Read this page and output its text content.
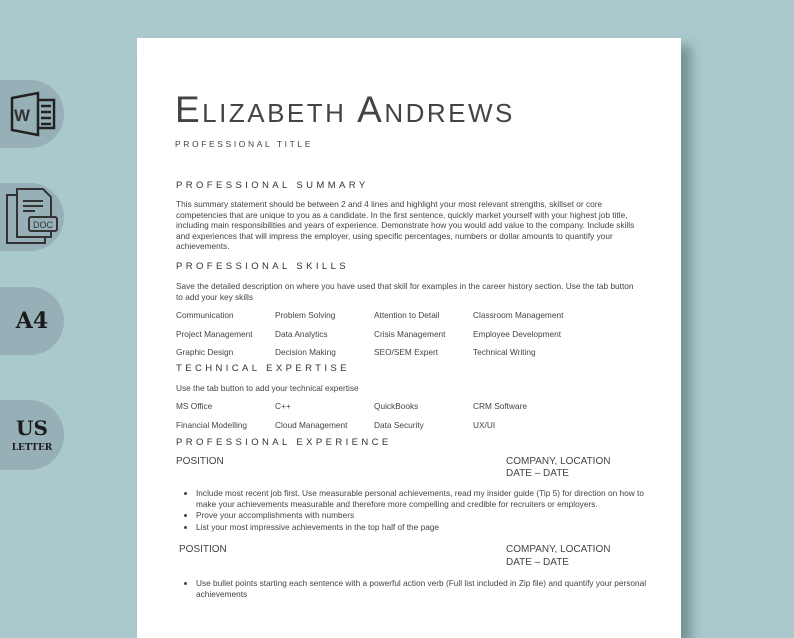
W
DOC
A4
US
LETTER
Elizabeth Andrews
PROFESSIONAL TITLE
PROFESSIONAL SUMMARY
This summary statement should be between 2 and 4 lines and highlight your most relevant strengths, skillset or core competencies that are unique to you as a candidate. In the first sentence, quickly market yourself with your highest job title, including main responsibilities and years of experience. Demonstrate how you would add value to the company. Include skills and experiences that will impress the employer, using specific percentages, numbers or dollar amounts to quantify your achievements.
PROFESSIONAL SKILLS
Save the detailed description on where you have used that skill for examples in the career history section. Use the tab button to add your key skills
Communication	Problem Solving	Attention to Detail	Classroom Management
Project Management	Data Analytics	Crisis Management	Employee Development
Graphic Design	Decision Making	SEO/SEM Expert	Technical Writing
TECHNICAL EXPERTISE
Use the tab button to add your technical expertise
MS Office	C++	QuickBooks	CRM Software
Financial Modelling	Cloud Management	Data Security	UX/UI
PROFESSIONAL EXPERIENCE
POSITION	COMPANY, LOCATION
DATE – DATE
• Include most recent job first. Use measurable personal achievements, read my insider guide (Tip 5) for direction on how to make your achievements measurable and therefore more compelling and credible for recruiters or employers.
• Prove your accomplishments with numbers
• List your most impressive achievements in the top half of the page
POSITION	COMPANY, LOCATION
DATE – DATE
• Use bullet points starting each sentence with a powerful action verb (Full list included in Zip file) and quantify your personal achievements
